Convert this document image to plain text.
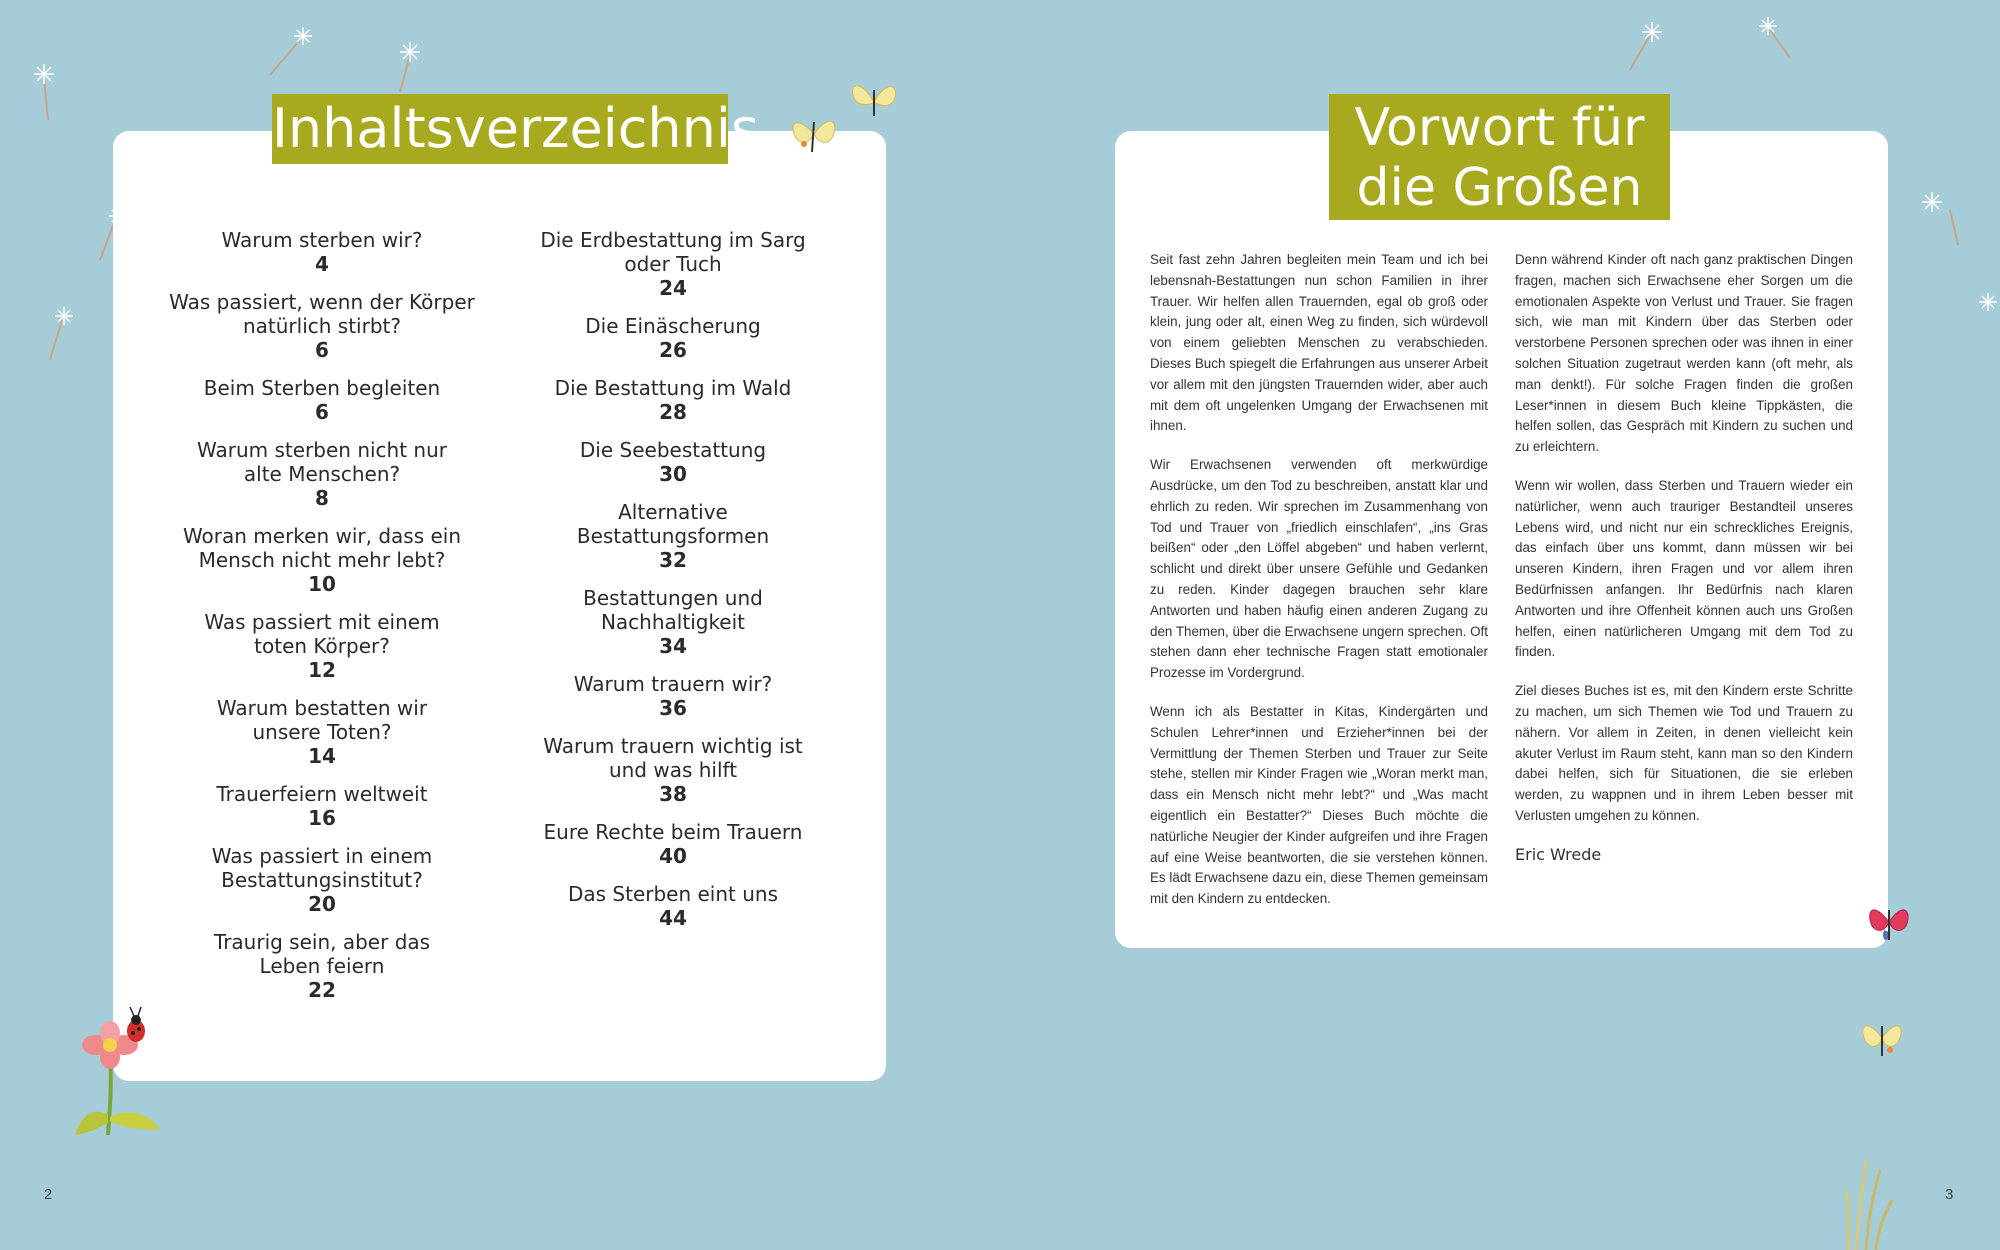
Inhaltsverzeichnis	Vorwort für
die Großen
Warum sterben wir?
4
Was passiert, wenn der Körper
natürlich stirbt?
6
Beim Sterben begleiten
6
Warum sterben nicht nur
alte Menschen?
8
Woran merken wir, dass ein
Mensch nicht mehr lebt?
10
Was passiert mit einem
toten Körper?
12
Warum bestatten wir
unsere Toten?
14
Trauerfeiern weltweit
16
Was passiert in einem
Bestattungsinstitut?
20
Traurig sein, aber das
Leben feiern
22
Die Erdbestattung im Sarg
oder Tuch
24
Die Einäscherung
26
Die Bestattung im Wald
28
Die Seebestattung
30
Alternative
Bestattungsformen
32
Bestattungen und
Nachhaltigkeit
34
Warum trauern wir?
36
Warum trauern wichtig ist
und was hilft
38
Eure Rechte beim Trauern
40
Das Sterben eint uns
44

Seit fast zehn Jahren begleiten mein Team und ich bei lebensnah-Bestattungen nun schon Familien in ihrer Trauer. Wir helfen allen Trauernden, egal ob groß oder klein, jung oder alt, einen Weg zu finden, sich würdevoll von einem geliebten Menschen zu verabschieden. Dieses Buch spiegelt die Erfahrungen aus unserer Arbeit vor allem mit den jüngsten Trauernden wider, aber auch mit dem oft ungelenken Umgang der Erwachsenen mit ihnen.

Wir Erwachsenen verwenden oft merkwürdige Ausdrücke, um den Tod zu beschreiben, anstatt klar und ehrlich zu reden. Wir sprechen im Zusammenhang von Tod und Trauer von „friedlich einschlafen“, „ins Gras beißen“ oder „den Löffel abgeben“ und haben verlernt, schlicht und direkt über unsere Gefühle und Gedanken zu reden. Kinder dagegen brauchen sehr klare Antworten und haben häufig einen anderen Zugang zu den Themen, über die Erwachsene ungern sprechen. Oft stehen dann eher technische Fragen statt emotionaler Prozesse im Vordergrund.

Wenn ich als Bestatter in Kitas, Kindergärten und Schulen Lehrer*innen und Erzieher*innen bei der Vermittlung der Themen Sterben und Trauer zur Seite stehe, stellen mir Kinder Fragen wie „Woran merkt man, dass ein Mensch nicht mehr lebt?“ und „Was macht eigentlich ein Bestatter?“ Dieses Buch möchte die natürliche Neugier der Kinder aufgreifen und ihre Fragen auf eine Weise beantworten, die sie verstehen können. Es lädt Erwachsene dazu ein, diese Themen gemeinsam mit den Kindern zu entdecken.

Denn während Kinder oft nach ganz praktischen Dingen fragen, machen sich Erwachsene eher Sorgen um die emotionalen Aspekte von Verlust und Trauer. Sie fragen sich, wie man mit Kindern über das Sterben oder verstorbene Personen sprechen oder was ihnen in einer solchen Situation zugetraut werden kann (oft mehr, als man denkt!). Für solche Fragen finden die großen Leser*innen in diesem Buch kleine Tippkästen, die helfen sollen, das Gespräch mit Kindern zu suchen und zu erleichtern.

Wenn wir wollen, dass Sterben und Trauern wieder ein natürlicher, wenn auch trauriger Bestandteil unseres Lebens wird, und nicht nur ein schreckliches Ereignis, das einfach über uns kommt, dann müssen wir bei unseren Kindern, ihren Fragen und vor allem ihren Bedürfnissen anfangen. Ihr Bedürfnis nach klaren Antworten und ihre Offenheit können auch uns Großen helfen, einen natürlicheren Umgang mit dem Tod zu finden.

Ziel dieses Buches ist es, mit den Kindern erste Schritte zu machen, um sich Themen wie Tod und Trauern zu nähern. Vor allem in Zeiten, in denen vielleicht kein akuter Verlust im Raum steht, kann man so den Kindern dabei helfen, sich für Situationen, die sie erleben werden, zu wappnen und in ihrem Leben besser mit Verlusten umgehen zu können.

Eric Wrede
2	3
